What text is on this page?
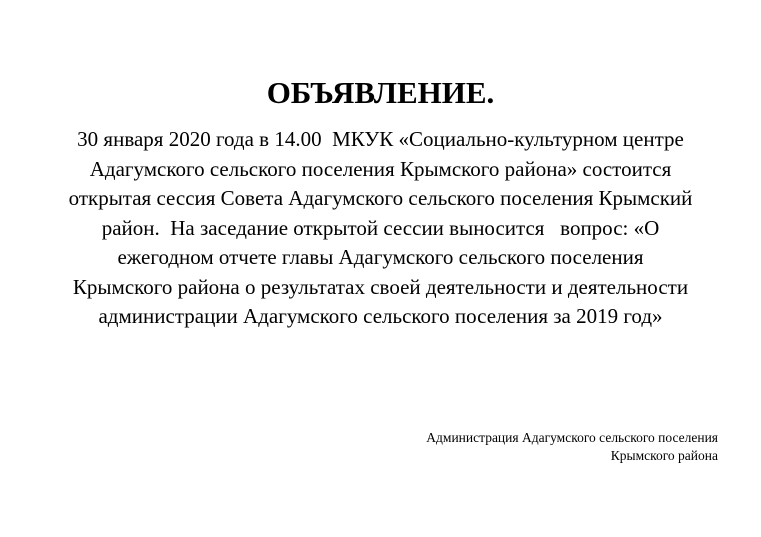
ОБЪЯВЛЕНИЕ.
30 января 2020 года в 14.00  МКУК «Социально-культурном центре
Адагумского сельского поселения Крымского района» состоится
открытая сессия Совета Адагумского сельского поселения Крымский
район.  На заседание открытой сессии выносится   вопрос: «О
ежегодном отчете главы Адагумского сельского поселения
Крымского района о результатах своей деятельности и деятельности
администрации Адагумского сельского поселения за 2019 год»
Администрация Адагумского сельского поселения
Крымского района
